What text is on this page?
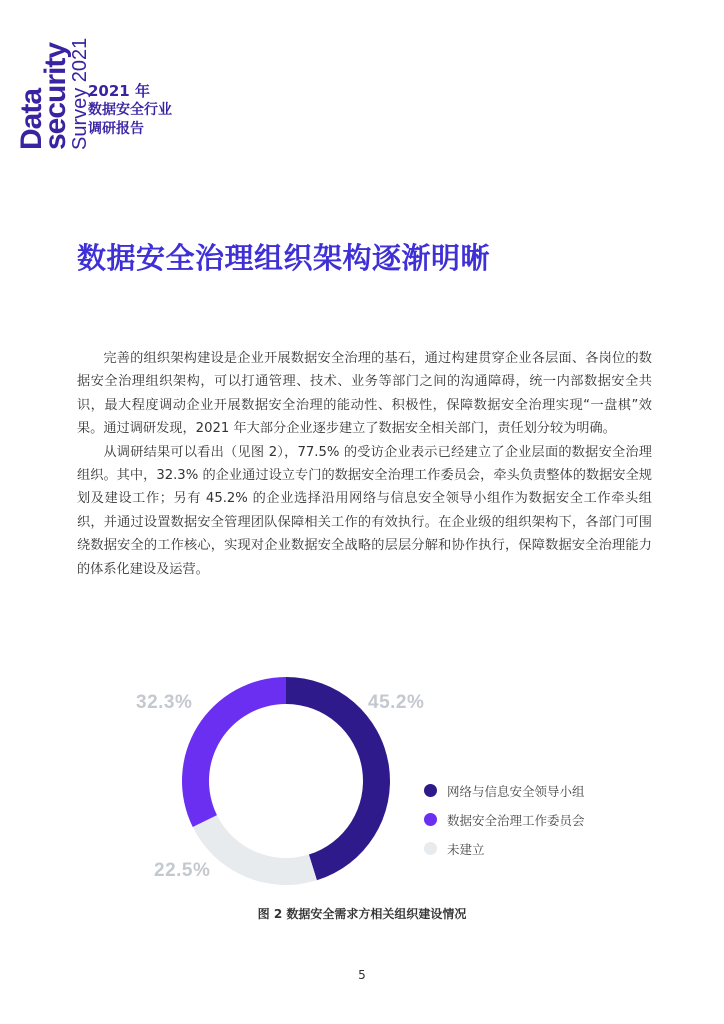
Data
security
Survey 2021
2021 年
数据安全行业
调研报告
数据安全治理组织架构逐渐明晰

完善的组织架构建设是企业开展数据安全治理的基石，通过构建贯穿企业各层面、各岗位的数据安全治理组织架构，可以打通管理、技术、业务等部门之间的沟通障碍，统一内部数据安全共识，最大程度调动企业开展数据安全治理的能动性、积极性，保障数据安全治理实现“一盘棋”效果。通过调研发现，2021 年大部分企业逐步建立了数据安全相关部门，责任划分较为明确。

从调研结果可以看出（见图 2），77.5% 的受访企业表示已经建立了企业层面的数据安全治理组织。其中，32.3% 的企业通过设立专门的数据安全治理工作委员会，牵头负责整体的数据安全规划及建设工作；另有 45.2% 的企业选择沿用网络与信息安全领导小组作为数据安全工作牵头组织，并通过设置数据安全管理团队保障相关工作的有效执行。在企业级的组织架构下，各部门可围绕数据安全的工作核心，实现对企业数据安全战略的层层分解和协作执行，保障数据安全治理能力的体系化建设及运营。

45.2%
32.3%
22.5%
网络与信息安全领导小组
数据安全治理工作委员会
未建立
图 2 数据安全需求方相关组织建设情况
5
